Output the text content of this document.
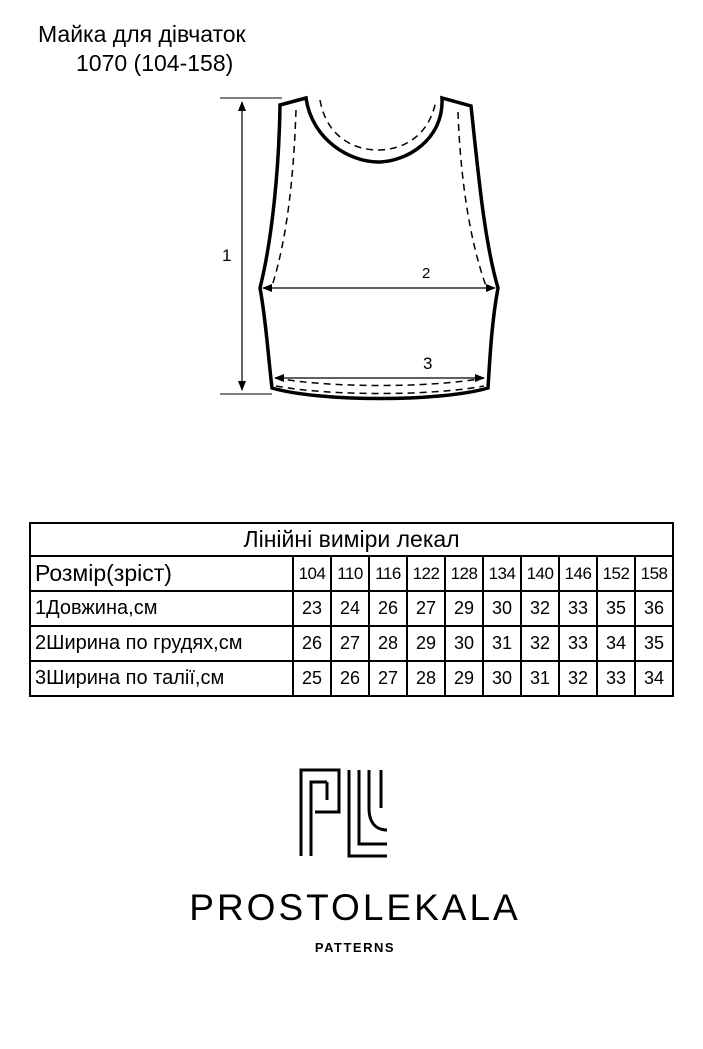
Майка для дівчаток
1070 (104-158)
1
2
3
Лінійні виміри лекал										
Розмір(зріст)	104	110	116	122	128	134	140	146	152	158
1Довжина,см	23	24	26	27	29	30	32	33	35	36
2Ширина по грудях,см	26	27	28	29	30	31	32	33	34	35
3Ширина по талії,см	25	26	27	28	29	30	31	32	33	34
PROSTOLEKALA
PATTERNS
